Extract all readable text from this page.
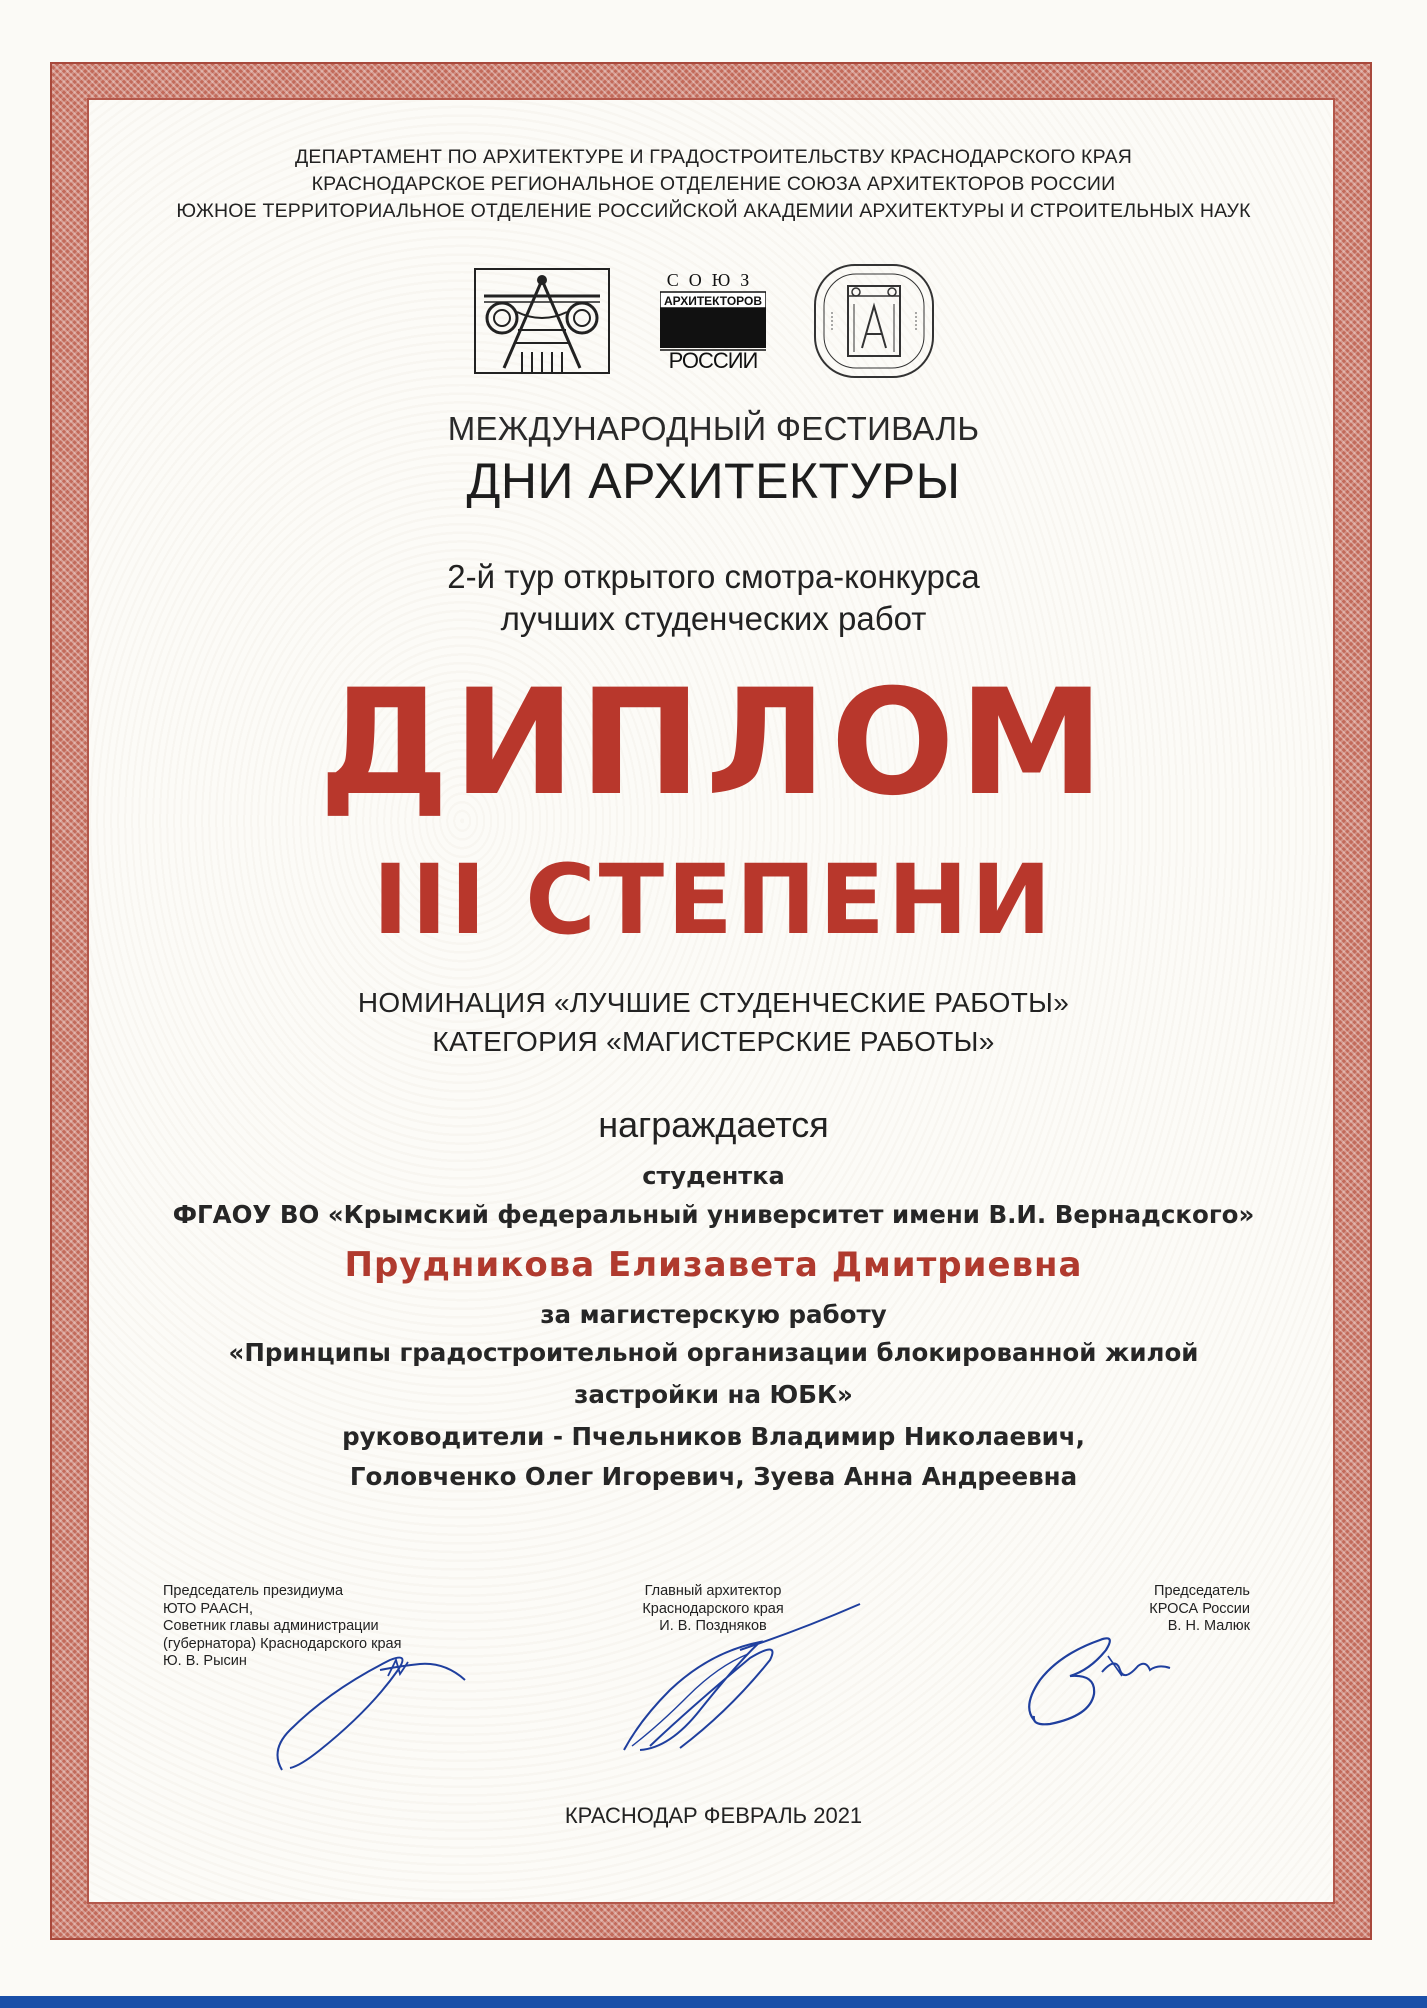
ДЕПАРТАМЕНТ ПО АРХИТЕКТУРЕ И ГРАДОСТРОИТЕЛЬСТВУ КРАСНОДАРСКОГО КРАЯ
КРАСНОДАРСКОЕ РЕГИОНАЛЬНОЕ ОТДЕЛЕНИЕ СОЮЗА АРХИТЕКТОРОВ РОССИИ
ЮЖНОЕ ТЕРРИТОРИАЛЬНОЕ ОТДЕЛЕНИЕ РОССИЙСКОЙ АКАДЕМИИ АРХИТЕКТУРЫ И СТРОИТЕЛЬНЫХ НАУК
СОЮЗ
АРХИТЕКТОРОВ
РОССИИ
МЕЖДУНАРОДНЫЙ ФЕСТИВАЛЬ
ДНИ АРХИТЕКТУРЫ
2-й тур открытого смотра-конкурса
лучших студенческих работ
ДИПЛОМ
III СТЕПЕНИ
НОМИНАЦИЯ «ЛУЧШИЕ СТУДЕНЧЕСКИЕ РАБОТЫ»
КАТЕГОРИЯ «МАГИСТЕРСКИЕ РАБОТЫ»
награждается
студентка
ФГАОУ ВО «Крымский федеральный университет имени В.И. Вернадского»
Прудникова Елизавета Дмитриевна
за магистерскую работу
«Принципы градостроительной организации блокированной жилой
застройки на ЮБК»
руководители - Пчельников Владимир Николаевич,
Головченко Олег Игоревич, Зуева Анна Андреевна
Председатель президиума
ЮТО РААСН,
Советник главы администрации
(губернатора) Краснодарского края
Ю. В. Рысин
Главный архитектор
Краснодарского края
И. В. Поздняков
Председатель
КРОСА России
В. Н. Малюк
КРАСНОДАР ФЕВРАЛЬ 2021
